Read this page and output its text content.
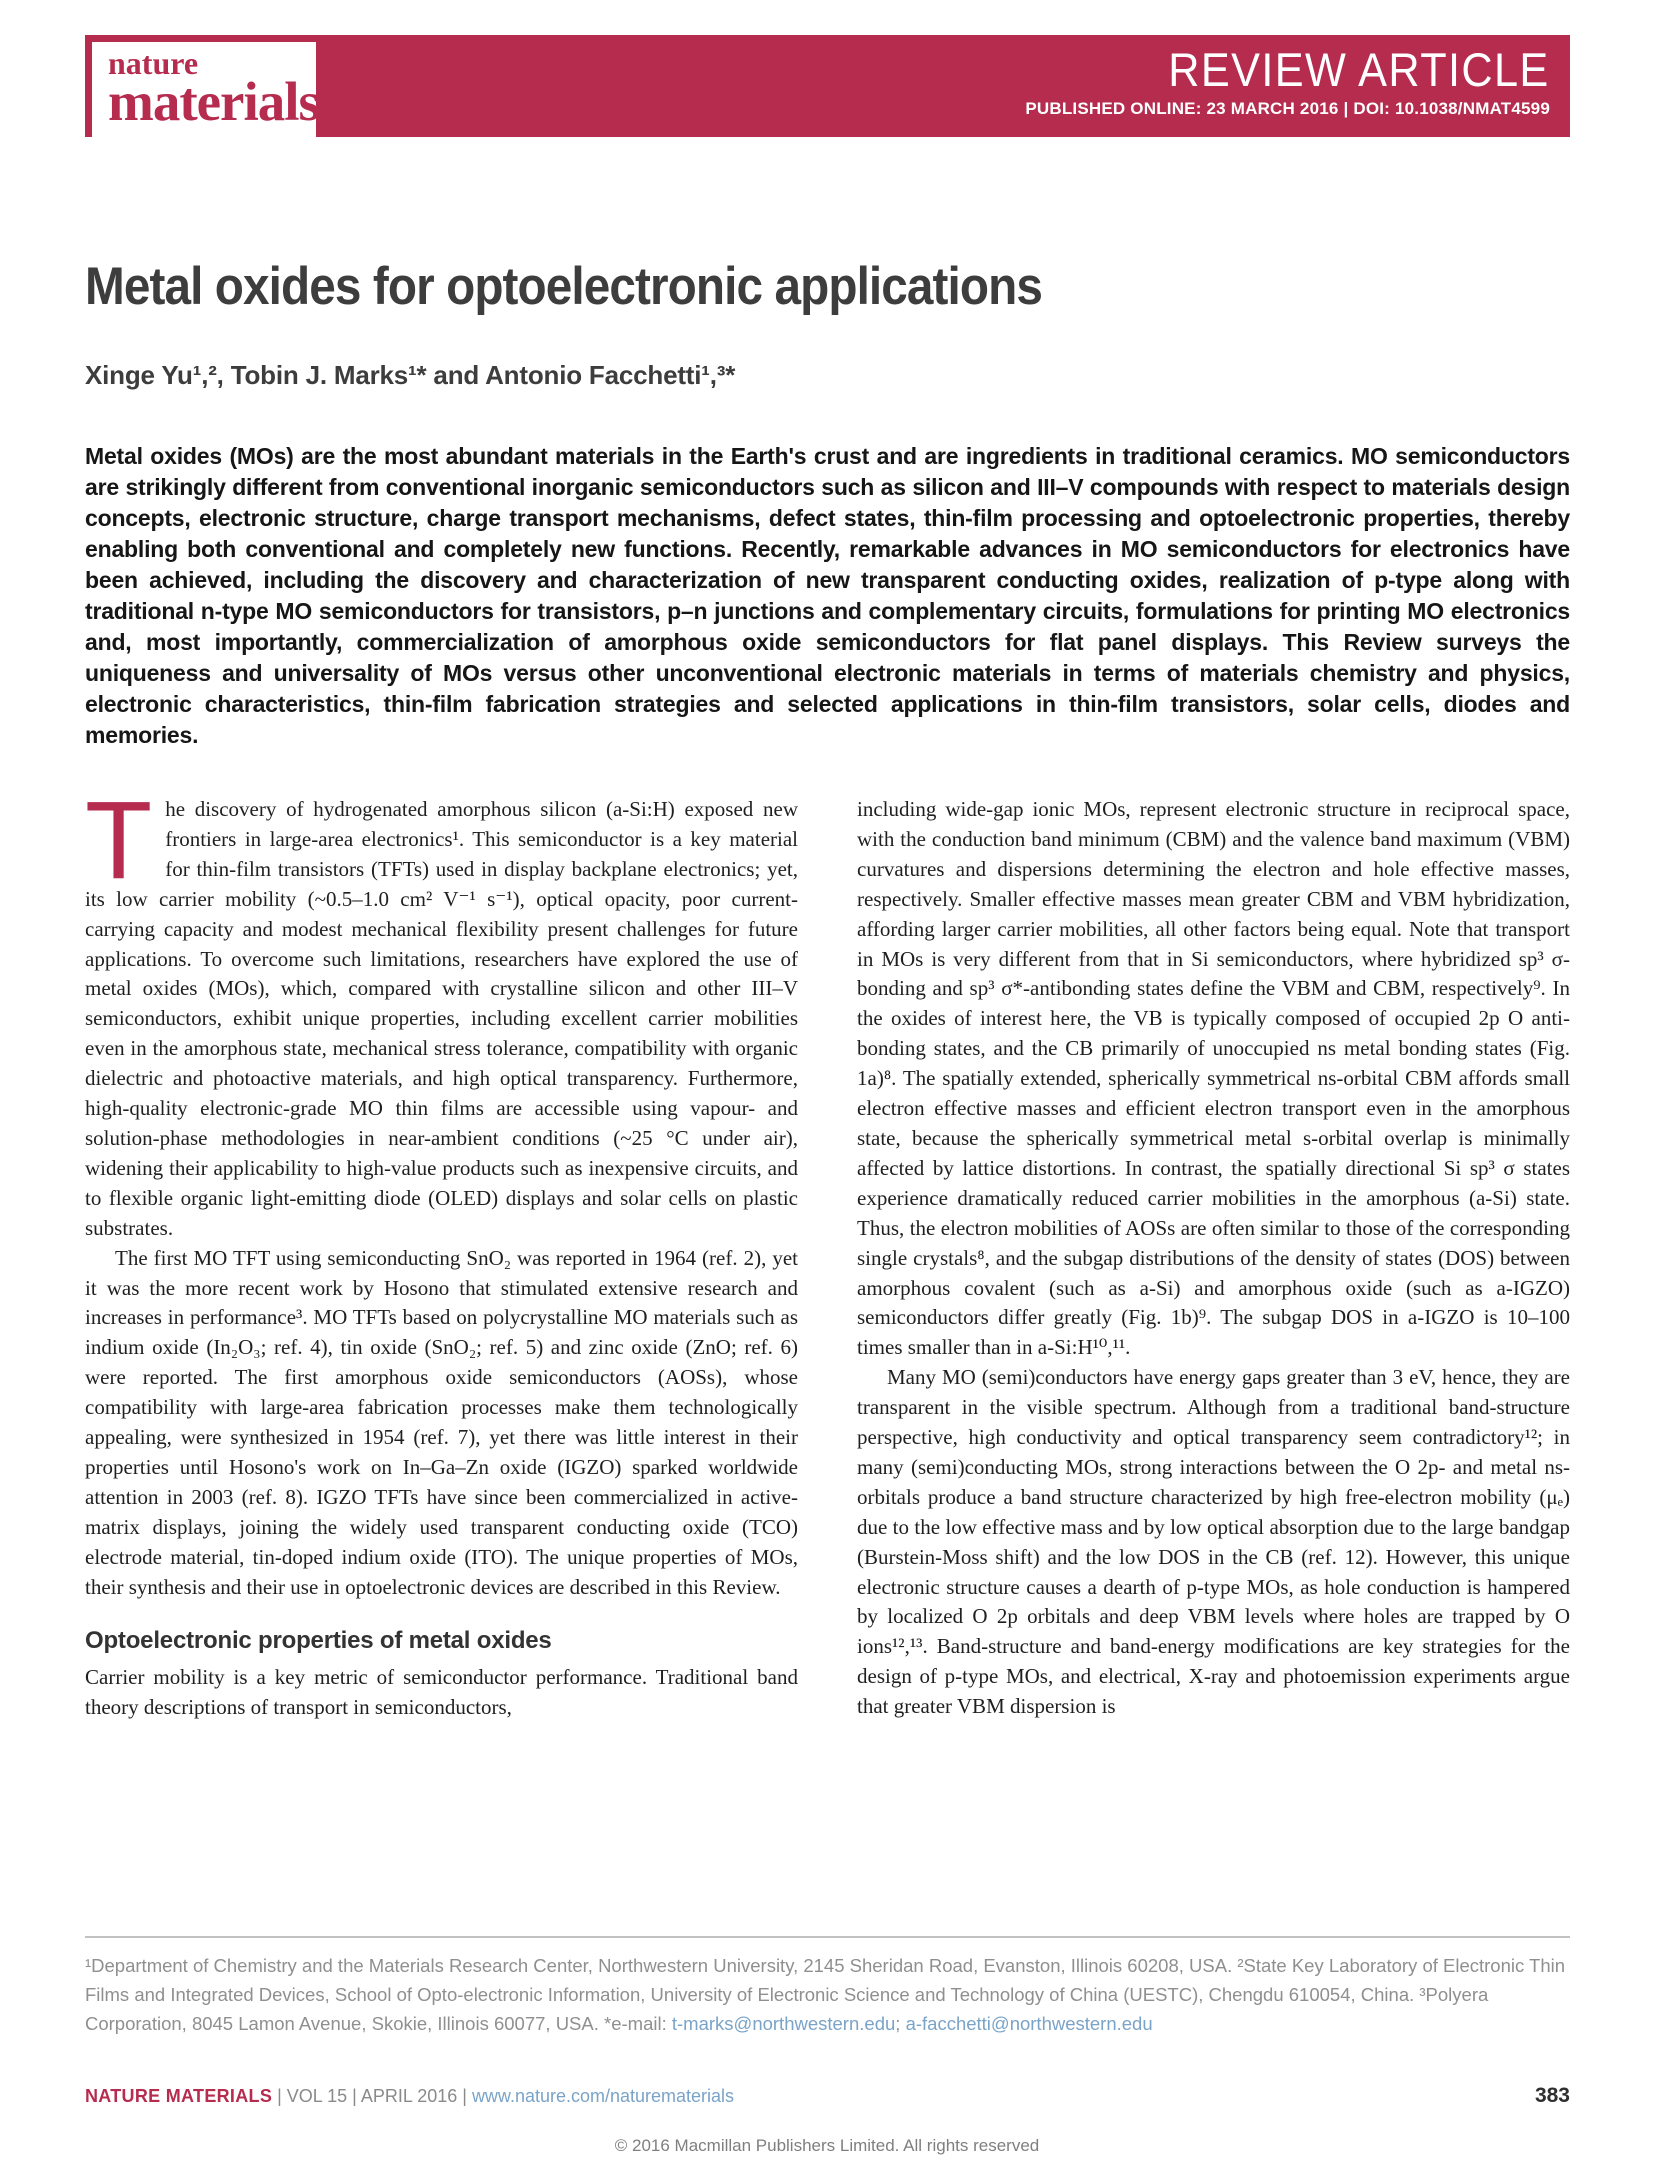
nature
materials
REVIEW ARTICLE
PUBLISHED ONLINE: 23 MARCH 2016 | DOI: 10.1038/NMAT4599
Metal oxides for optoelectronic applications
Xinge Yu¹,², Tobin J. Marks¹* and Antonio Facchetti¹,³*
Metal oxides (MOs) are the most abundant materials in the Earth's crust and are ingredients in traditional ceramics. MO semiconductors are strikingly different from conventional inorganic semiconductors such as silicon and III–V compounds with respect to materials design concepts, electronic structure, charge transport mechanisms, defect states, thin-film processing and optoelectronic properties, thereby enabling both conventional and completely new functions. Recently, remarkable advances in MO semiconductors for electronics have been achieved, including the discovery and characterization of new transparent conducting oxides, realization of p-type along with traditional n-type MO semiconductors for transistors, p–n junctions and complementary circuits, formulations for printing MO electronics and, most importantly, commercialization of amorphous oxide semiconductors for flat panel displays. This Review surveys the uniqueness and universality of MOs versus other unconventional electronic materials in terms of materials chemistry and physics, electronic characteristics, thin-film fabrication strategies and selected applications in thin-film transistors, solar cells, diodes and memories.

The discovery of hydrogenated amorphous silicon (a-Si:H) exposed new frontiers in large-area electronics¹. This semiconductor is a key material for thin-film transistors (TFTs) used in display backplane electronics; yet, its low carrier mobility (~0.5–1.0 cm² V⁻¹ s⁻¹), optical opacity, poor current-carrying capacity and modest mechanical flexibility present challenges for future applications. To overcome such limitations, researchers have explored the use of metal oxides (MOs), which, compared with crystalline silicon and other III–V semiconductors, exhibit unique properties, including excellent carrier mobilities even in the amorphous state, mechanical stress tolerance, compatibility with organic dielectric and photoactive materials, and high optical transparency. Furthermore, high-quality electronic-grade MO thin films are accessible using vapour- and solution-phase methodologies in near-ambient conditions (~25 °C under air), widening their applicability to high-value products such as inexpensive circuits, and to flexible organic light-emitting diode (OLED) displays and solar cells on plastic substrates.

The first MO TFT using semiconducting SnO₂ was reported in 1964 (ref. 2), yet it was the more recent work by Hosono that stimulated extensive research and increases in performance³. MO TFTs based on polycrystalline MO materials such as indium oxide (In₂O₃; ref. 4), tin oxide (SnO₂; ref. 5) and zinc oxide (ZnO; ref. 6) were reported. The first amorphous oxide semiconductors (AOSs), whose compatibility with large-area fabrication processes make them technologically appealing, were synthesized in 1954 (ref. 7), yet there was little interest in their properties until Hosono's work on In–Ga–Zn oxide (IGZO) sparked worldwide attention in 2003 (ref. 8). IGZO TFTs have since been commercialized in active-matrix displays, joining the widely used transparent conducting oxide (TCO) electrode material, tin-doped indium oxide (ITO). The unique properties of MOs, their synthesis and their use in optoelectronic devices are described in this Review.

Optoelectronic properties of metal oxides

Carrier mobility is a key metric of semiconductor performance. Traditional band theory descriptions of transport in semiconductors,

including wide-gap ionic MOs, represent electronic structure in reciprocal space, with the conduction band minimum (CBM) and the valence band maximum (VBM) curvatures and dispersions determining the electron and hole effective masses, respectively. Smaller effective masses mean greater CBM and VBM hybridization, affording larger carrier mobilities, all other factors being equal. Note that transport in MOs is very different from that in Si semiconductors, where hybridized sp³ σ-bonding and sp³ σ*-antibonding states define the VBM and CBM, respectively⁹. In the oxides of interest here, the VB is typically composed of occupied 2p O anti-bonding states, and the CB primarily of unoccupied ns metal bonding states (Fig. 1a)⁸. The spatially extended, spherically symmetrical ns-orbital CBM affords small electron effective masses and efficient electron transport even in the amorphous state, because the spherically symmetrical metal s-orbital overlap is minimally affected by lattice distortions. In contrast, the spatially directional Si sp³ σ states experience dramatically reduced carrier mobilities in the amorphous (a-Si) state. Thus, the electron mobilities of AOSs are often similar to those of the corresponding single crystals⁸, and the subgap distributions of the density of states (DOS) between amorphous covalent (such as a-Si) and amorphous oxide (such as a-IGZO) semiconductors differ greatly (Fig. 1b)⁹. The subgap DOS in a-IGZO is 10–100 times smaller than in a-Si:H¹⁰,¹¹.

Many MO (semi)conductors have energy gaps greater than 3 eV, hence, they are transparent in the visible spectrum. Although from a traditional band-structure perspective, high conductivity and optical transparency seem contradictory¹²; in many (semi)conducting MOs, strong interactions between the O 2p- and metal ns-orbitals produce a band structure characterized by high free-electron mobility (μₑ) due to the low effective mass and by low optical absorption due to the large bandgap (Burstein-Moss shift) and the low DOS in the CB (ref. 12). However, this unique electronic structure causes a dearth of p-type MOs, as hole conduction is hampered by localized O 2p orbitals and deep VBM levels where holes are trapped by O ions¹²,¹³. Band-structure and band-energy modifications are key strategies for the design of p-type MOs, and electrical, X-ray and photoemission experiments argue that greater VBM dispersion is

¹Department of Chemistry and the Materials Research Center, Northwestern University, 2145 Sheridan Road, Evanston, Illinois 60208, USA. ²State Key Laboratory of Electronic Thin Films and Integrated Devices, School of Opto-electronic Information, University of Electronic Science and Technology of China (UESTC), Chengdu 610054, China. ³Polyera Corporation, 8045 Lamon Avenue, Skokie, Illinois 60077, USA. *e-mail: t-marks@northwestern.edu; a-facchetti@northwestern.edu
NATURE MATERIALS | VOL 15 | APRIL 2016 | www.nature.com/naturematerials	383
© 2016 Macmillan Publishers Limited. All rights reserved
